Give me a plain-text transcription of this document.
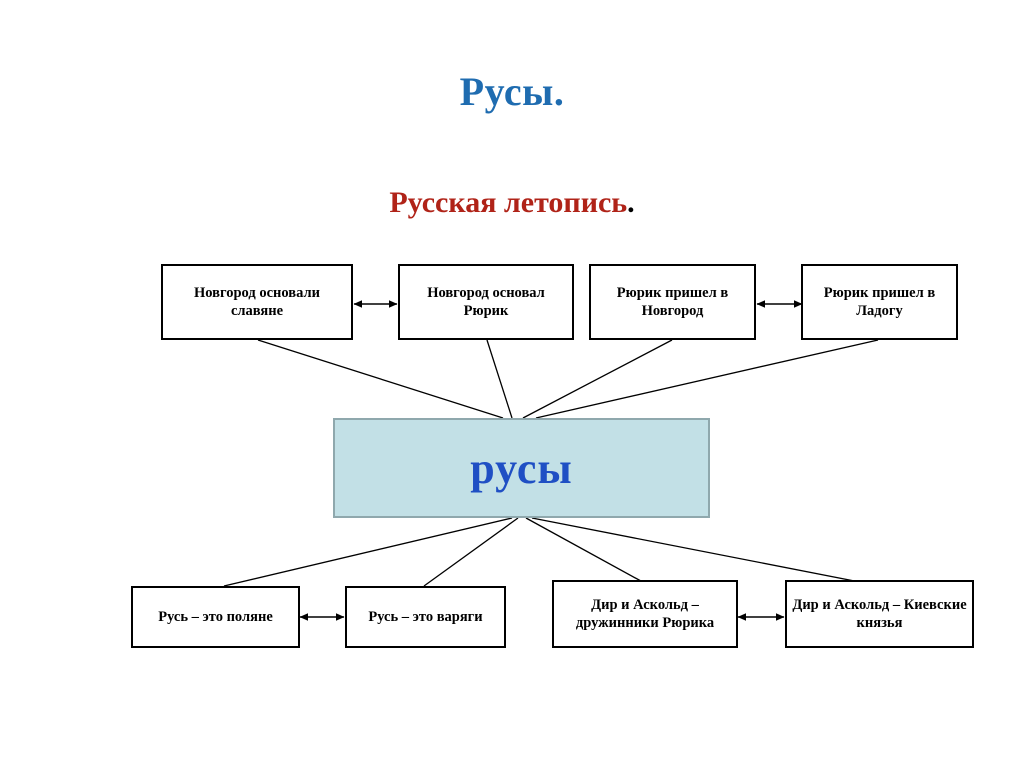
Русы.
Русская летопись.
Новгород основали славяне
Новгород основал Рюрик
Рюрик пришел в Новгород
Рюрик пришел в Ладогу
русы
Русь – это поляне	Русь – это варяги
Дир и Аскольд – дружинники Рюрика
Дир и Аскольд – Киевские князья
